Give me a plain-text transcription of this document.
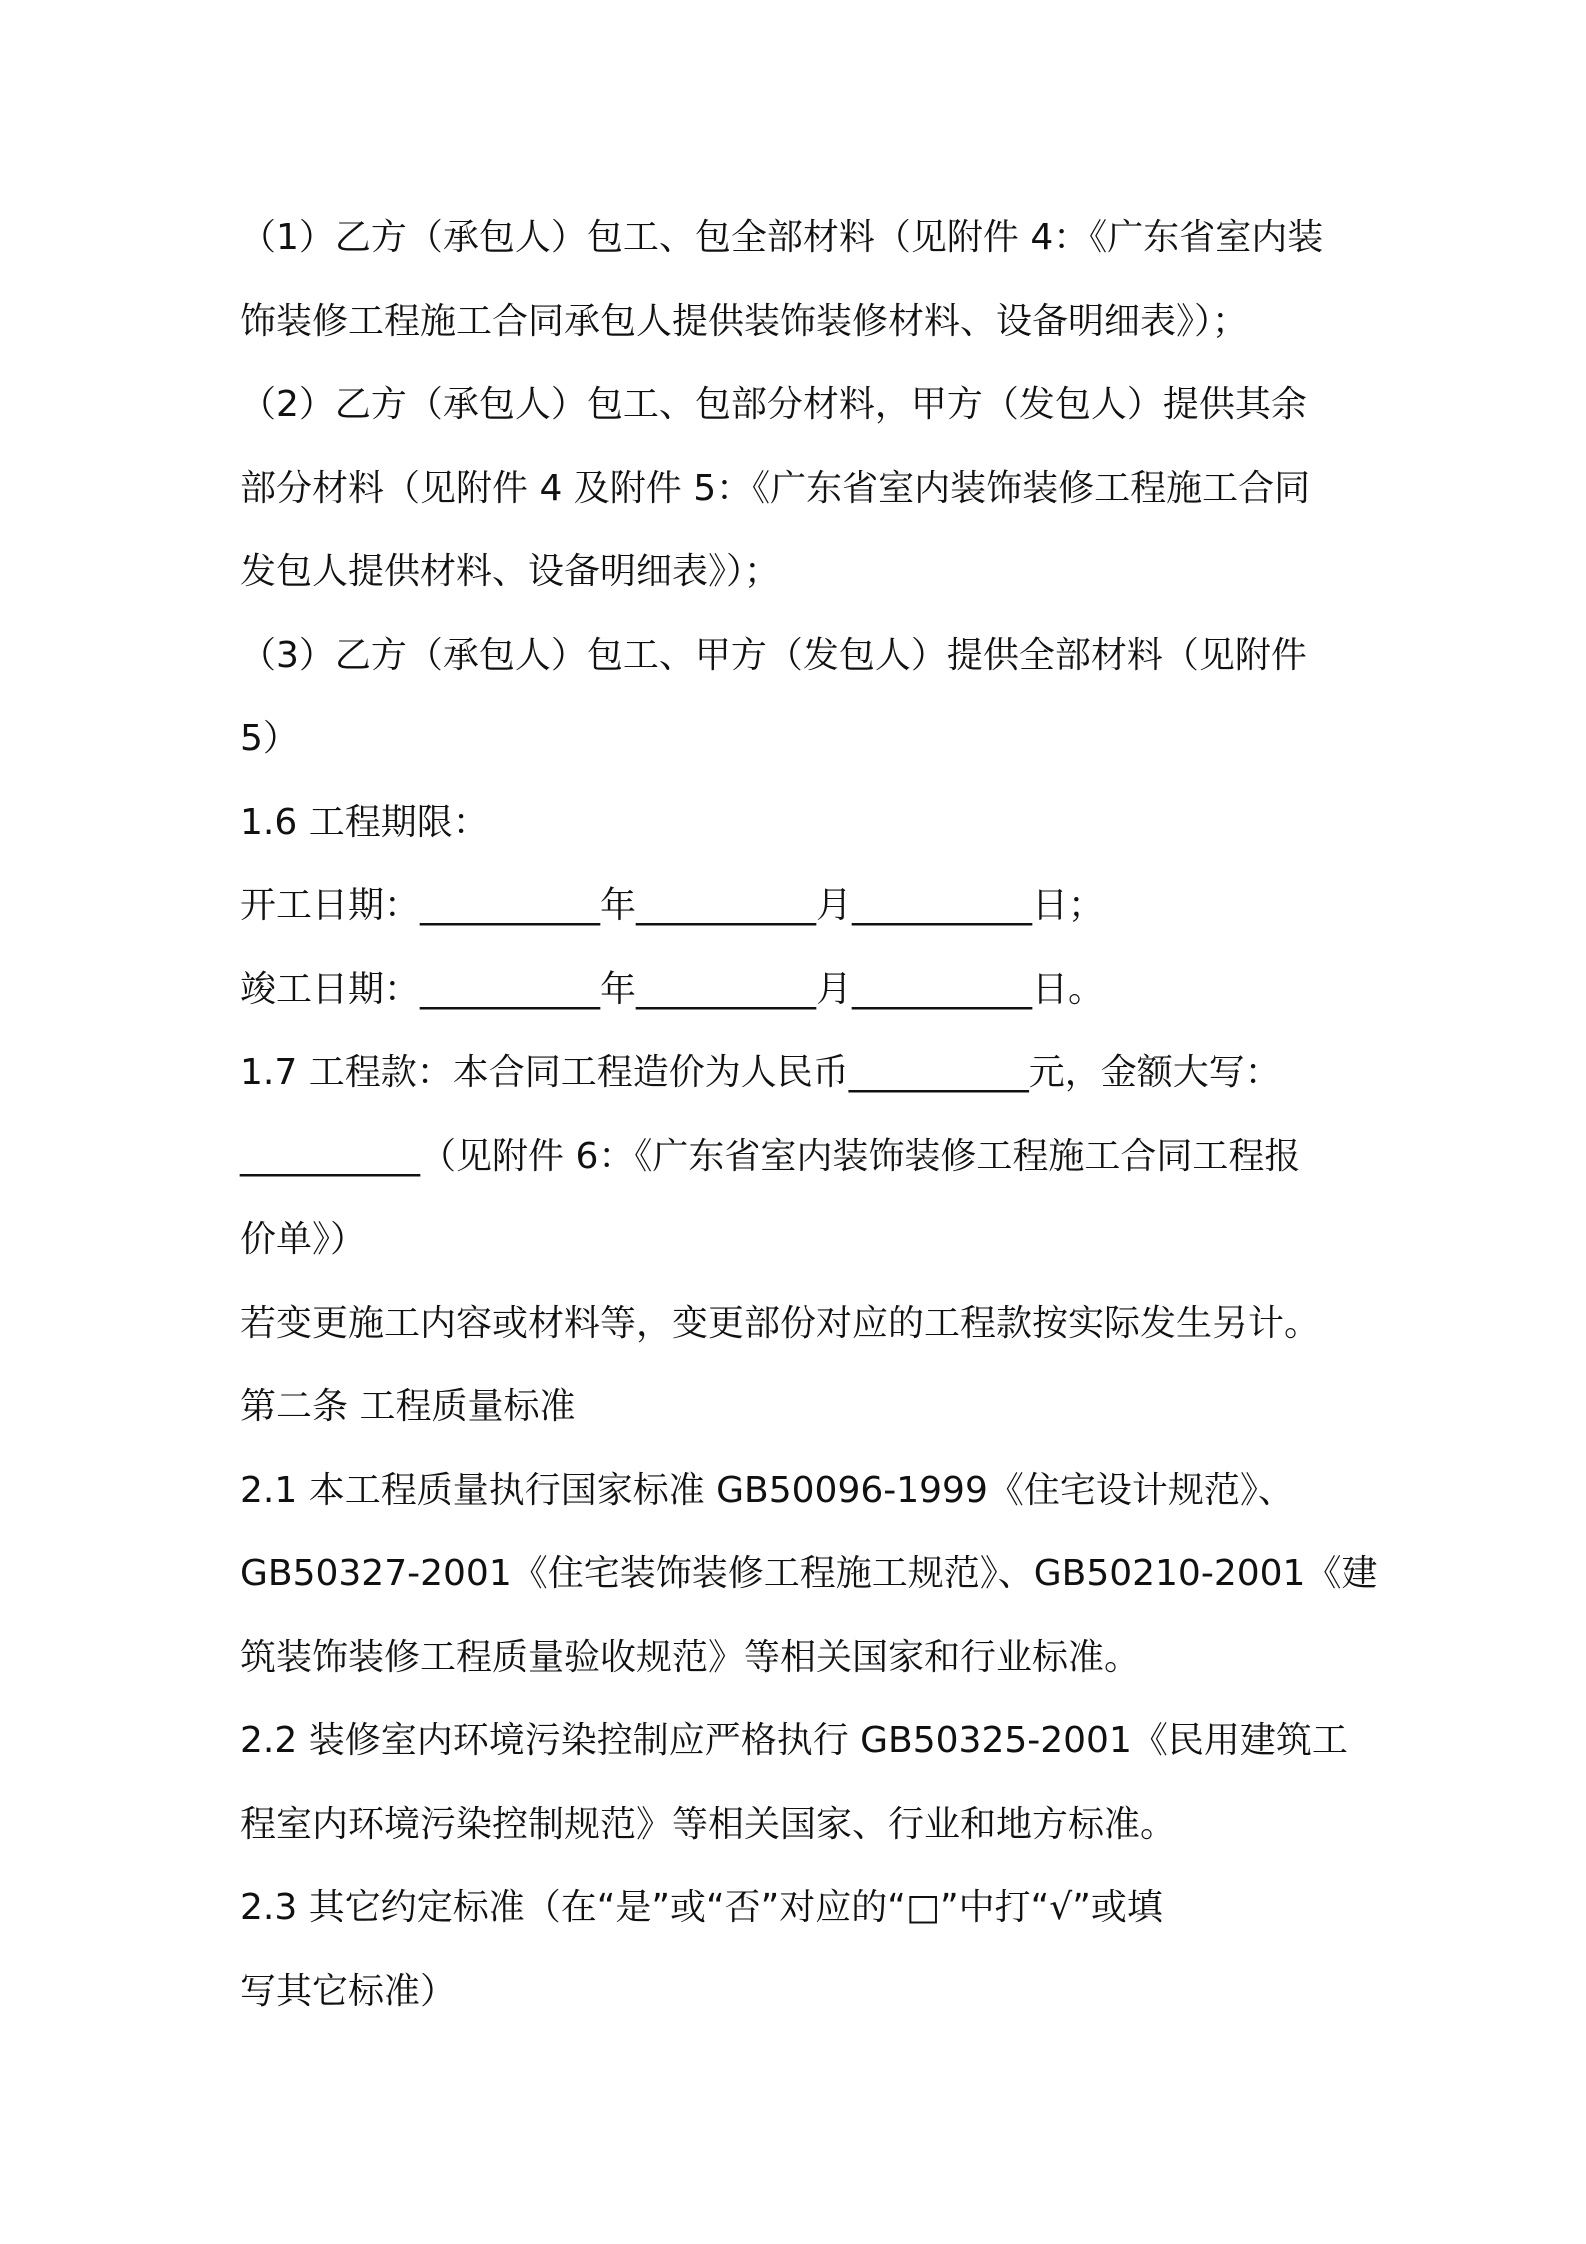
（1）乙方（承包人）包工、包全部材料（见附件 4：《广东省室内装
饰装修工程施工合同承包人提供装饰装修材料、设备明细表》）；
（2）乙方（承包人）包工、包部分材料，甲方（发包人）提供其余
部分材料（见附件 4 及附件 5：《广东省室内装饰装修工程施工合同
发包人提供材料、设备明细表》）；
（3）乙方（承包人）包工、甲方（发包人）提供全部材料（见附件
5）
1.6 工程期限：
开工日期：__________年__________月__________日；
竣工日期：__________年__________月__________日。
1.7 工程款：本合同工程造价为人民币__________元，金额大写：
__________（见附件 6：《广东省室内装饰装修工程施工合同工程报
价单》）
若变更施工内容或材料等，变更部份对应的工程款按实际发生另计。
第二条 工程质量标准
2.1 本工程质量执行国家标准 GB50096-1999《住宅设计规范》、
GB50327-2001《住宅装饰装修工程施工规范》、GB50210-2001《建
筑装饰装修工程质量验收规范》等相关国家和行业标准。
2.2 装修室内环境污染控制应严格执行 GB50325-2001《民用建筑工
程室内环境污染控制规范》等相关国家、行业和地方标准。
2.3 其它约定标准（在“是”或“否”对应的“□”中打“√”或填
写其它标准）
